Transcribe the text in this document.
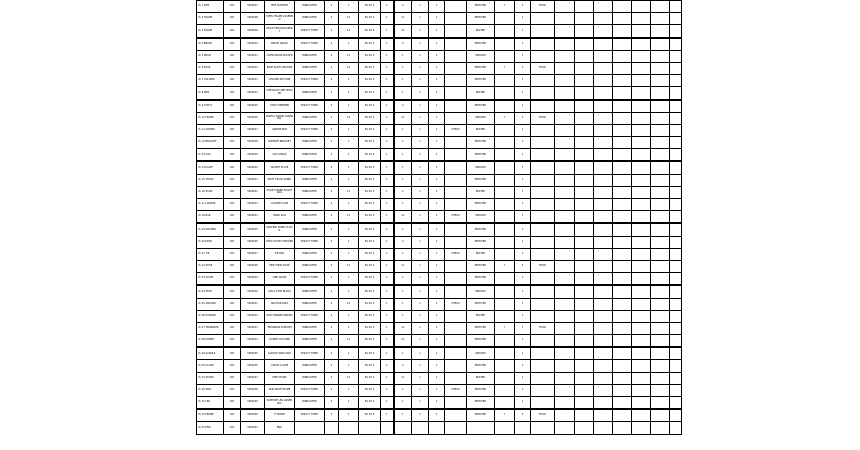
VL 1 PIPE	103	3050207	PIPE SUPPORT	FABRICATED	2	1	EA 00 3	1	4	1	1		ERECTED	Y	3	FIELD							
VL 2 FRAME	103	3050208	STEEL FRAME ASSEMBLY	FABRICATED	2	12	EA 00 3	1	11	1	1		ERECTED		1								
VL 3 FRAME	103	3050209	MULTI TIER RACK BENT	STRUCT STEEL	2	14	EA 00 3	1	14	1	1		BOLTED		1								
VL 4 BRACE	103	3050210	BRACE ANGLE	STRUCT STEEL	2	1	EA 00 3	1	2	1	1		ERECTED		1								
VL 5 BEAM	103	3050211	CROSS BEAM ROLLED	FABRICATED	2	11	EA 00 3	1	1	1	1		WELDED		1								
VL 6 BASE	103	3050212	BASE PLATE ANCHOR	FABRICATED	2	12	EA 00 3	1	1	1	1		ERECTED	Y	3	FIELD							
VL 7 COLUMN	103	3050213	COLUMN SECTION	STRUCT STEEL	2	1	EA 00 3	1	1	1	1		ERECTED		1								
VL 8 PIPE	103	3050214	PIPE RACK LINE HEADER	FABRICATED	2	1	EA 00 3	1	1	1	1		BOLTED		1								
VL 9 STRUT	103	3050215	STRUT MEMBER	STRUCT STEEL	2	1	EA 00 3	1	2	1	1		ERECTED		1								
VL 10 FRAME	103	3050216	PORTAL FRAME ASSEMBLY	FABRICATED	2	12	EA 00 3	1	11	1	1		WELDED	Y	3	FIELD							
VL 11 GIRDER	103	3050217	GIRDER BOX	STRUCT STEEL	2	1	EA 00 3	1	1	1	1	CHECK	BOLTED		1								
VL 12 BRACKET	103	3050218	SUPPORT BRACKET	FABRICATED	2	1	EA 00 3	1	1	1	1		ERECTED		1								
VL 13 CLIP	103	3050219	CLIP ANGLE	FABRICATED	2	1	EA 00 3	1	1	1	1		ERECTED		1								
VL 14 PLATE	103	3050220	GUSSET PLATE	STRUCT STEEL	2	1	EA 00 3	1	1	1	1		WELDED		1								
VL 15 TRUSS	103	3050221	ROOF TRUSS PANEL	FABRICATED	2	1	EA 00 3	1	1	1	1		ERECTED		1								
VL 16 STAIR	103	3050222	STAIR TOWER FLIGHT RAIL	FABRICATED	2	11	EA 00 3	1	2	1	1		BOLTED		1								
VL 17 LADDER	103	3050223	LADDER CAGE	STRUCT STEEL	2	1	EA 00 3	1	1	1	1		ERECTED		1								
VL 18 RAIL	103	3050224	HAND RAIL	FABRICATED	2	11	EA 00 3	1	11	1	1	CHECK	WELDED		1								
VL 19 GRATING	103	3050225	GRATING PANEL FLOOR	FABRICATED	2	1	EA 00 3	1	1	1	1		ERECTED		1								
VL 20 DECK	103	3050226	DECK PLATE CHECKER	STRUCT STEEL	2	1	EA 00 3	1	2	1	1		ERECTED		1								
VL 21 TIE	103	3050227	TIE ROD	FABRICATED	2	1	EA 00 3	1	1	1	1	CHECK	BOLTED		1								
VL 22 SHOE	103	3050228	PIPE SHOE SLIDE	FABRICATED	2	11	EA 00 3	1	11	1	1		ERECTED	Y	3	FIELD							
VL 23 GUIDE	103	3050229	LINE GUIDE	STRUCT STEEL	2	1	EA 00 3	1	1	1	1		ERECTED		1								
VL 24 STOP	103	3050230	AXIAL STOP BLOCK	FABRICATED	2	1	EA 00 3	1	1	1	1		WELDED		1								
VL 25 ANCHOR	103	3050231	ANCHOR BOLT	FABRICATED	2	12	EA 00 3	1	1	1	1	CHECK	ERECTED		1								
VL 26 HANGER	103	3050232	ROD HANGER SPRING	STRUCT STEEL	2	1	EA 00 3	1	1	1	1		BOLTED		1								
VL 27 TRUNNION	103	3050233	TRUNNION SUPPORT	FABRICATED	2	1	EA 00 3	1	11	1	1		ERECTED	Y	3	FIELD							
VL 28 DUMMY	103	3050234	DUMMY LEG PIPE	FABRICATED	2	11	EA 00 3	1	11	1	1		ERECTED		1								
VL 29 SADDLE	103	3050235	SADDLE WELD PAD	STRUCT STEEL	2	1	EA 00 3	1	1	1	1		WELDED		1								
VL 30 CLAMP	103	3050236	U BOLT CLAMP	FABRICATED	2	1	EA 00 3	1	2	1	1		ERECTED		1								
VL 31 STAND	103	3050237	PIPE STAND	FABRICATED	2	12	EA 00 3	1	11	1	1		BOLTED		1								
VL 32 SKID	103	3050238	SKID BASE FRAME	STRUCT STEEL	2	1	EA 00 3	1	1	1	1	CHECK	ERECTED		1								
VL 33 LEG	103	3050239	SUPPORT LEG ASSEMBLY	FABRICATED	2	1	EA 00 3	1	1	1	1		ERECTED		1								
VL 34 FRAME	103	3050240	H FRAME	STRUCT STEEL	2	1	EA 00 3	1	1	1	1		ERECTED	Y	3	FIELD							
VL 35 END	103	3050241	END																				
